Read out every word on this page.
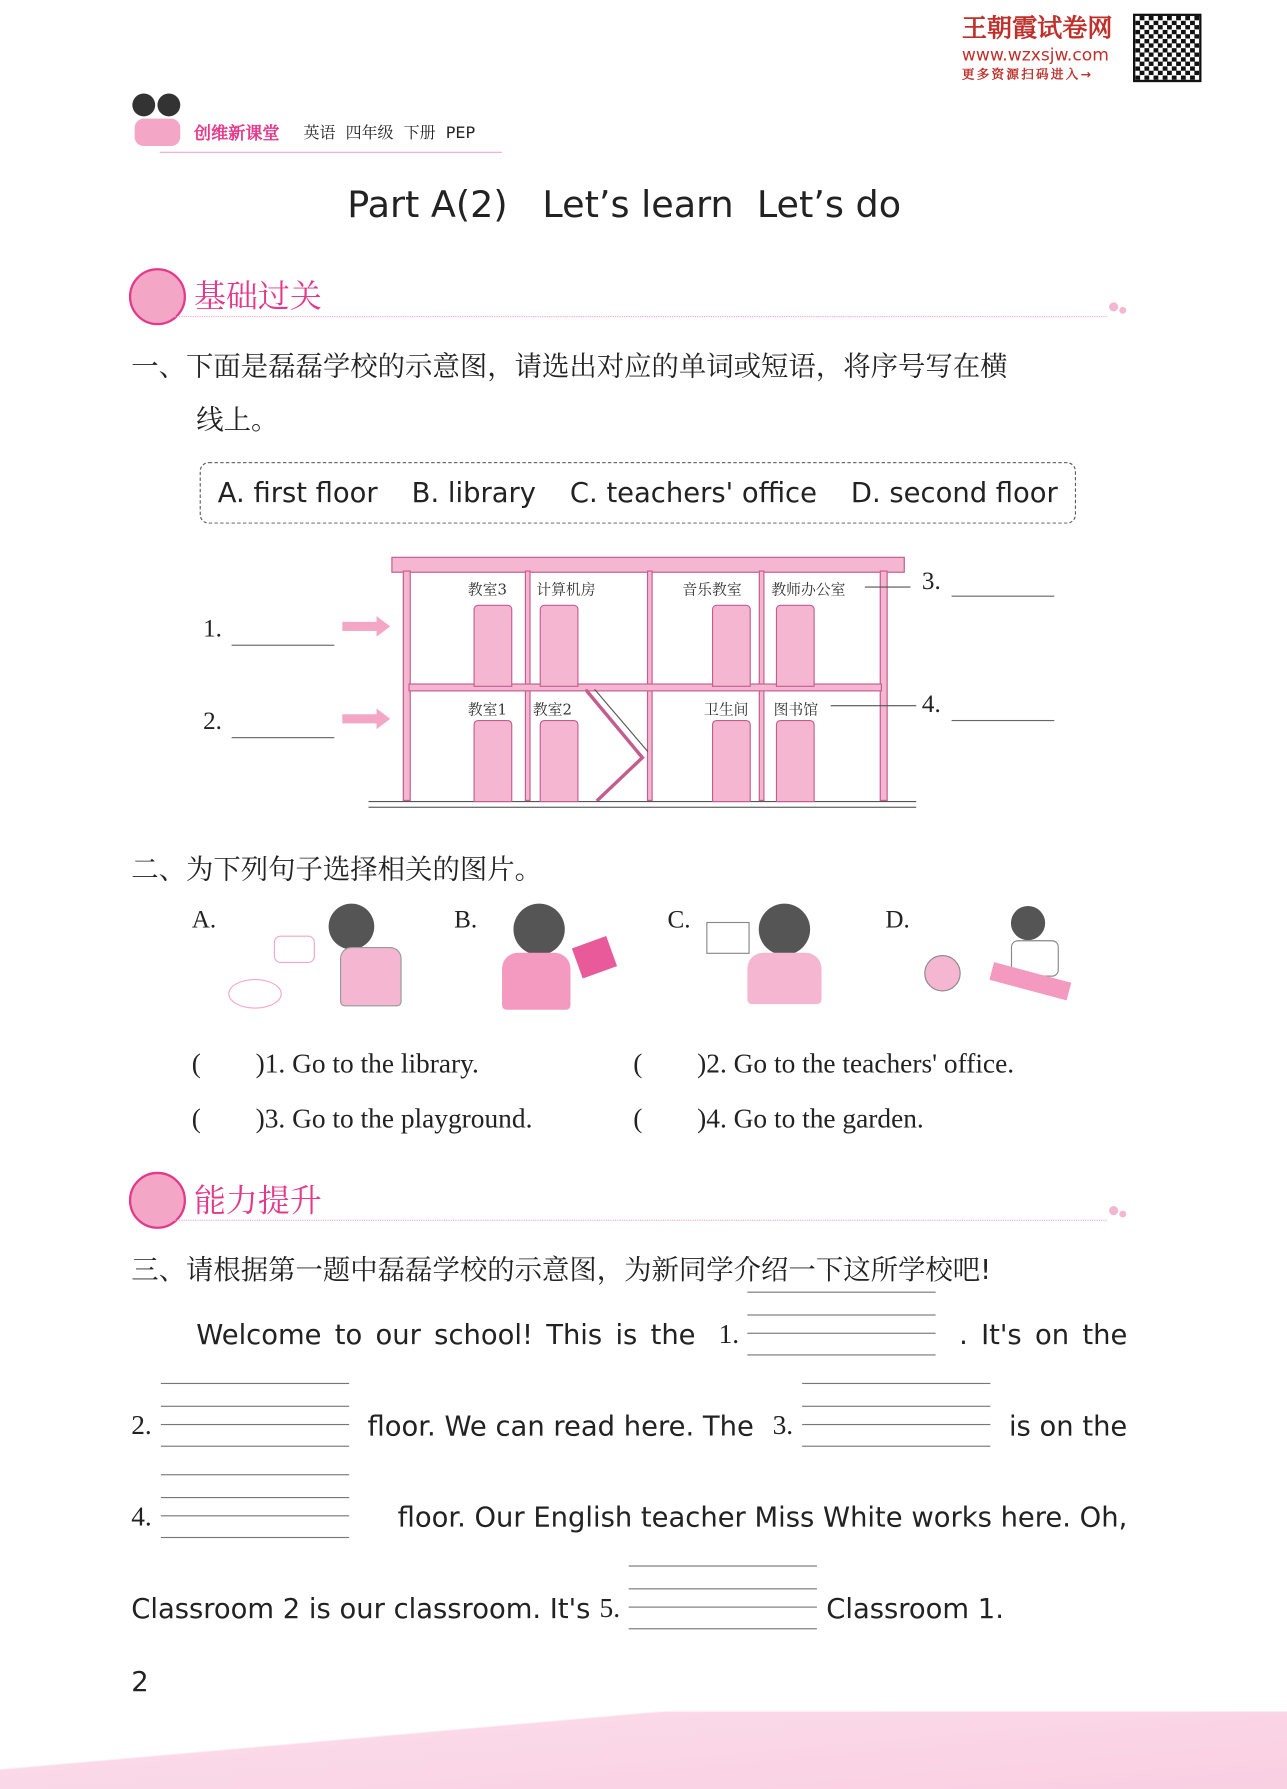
王朝霞试卷网
www.wzxsjw.com
更多资源扫码进入→
创维新课堂 英语  四年级  下册  PEP
Part A(2)   Let’s learn  Let’s do
基础过关
一、下面是磊磊学校的示意图，请选出对应的单词或短语，将序号写在横
线上。
A. first floor B. library C. teachers' office D. second floor
教室3 计算机房	音乐教室 教师办公室
教室1 教室2	卫生间 图书馆
1.
2.
3.
4.
二、为下列句子选择相关的图片。
A.	B.	C.	D.
(        )1. Go to the library.	(        )2. Go to the teachers' office.
(        )3. Go to the playground.	(        )4. Go to the garden.
能力提升
三、请根据第一题中磊磊学校的示意图，为新同学介绍一下这所学校吧!
Welcome to our school! This is the 1.	. It's on the
2.	floor. We can read here. The 3.	is on the
4.	floor. Our English teacher Miss White works here. Oh,
Classroom 2 is our classroom. It's 5.	Classroom 1.
2
